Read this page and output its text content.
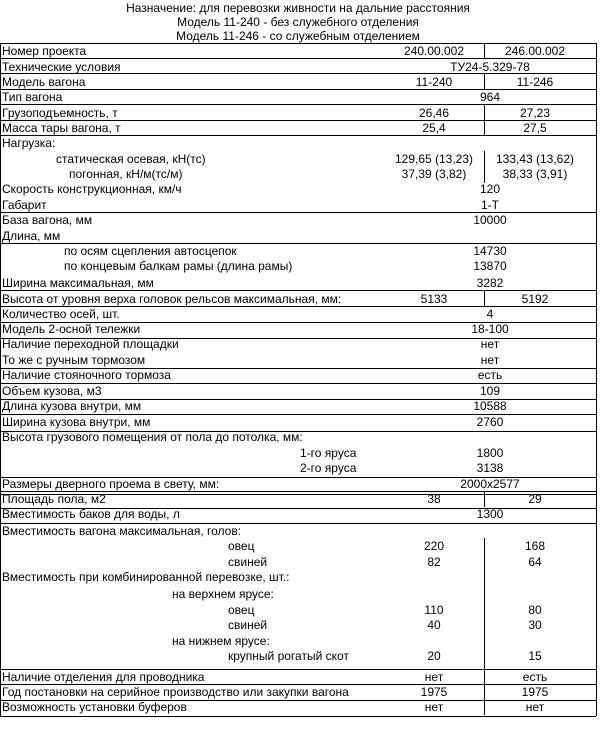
Назначение: для перевозки живности на дальние расстояния
Модель 11-240 - без служебного отделения
Модель 11-246 - со служебным отделением
Номер проекта	240.00.002	246.00.002
Технические условия	ТУ24-5.329-78
Модель вагона	11-240	11-246
Тип вагона	964
Грузоподъемность, т	26,46	27,23
Масса тары вагона, т	25,4	27,5
Нагрузка:
статическая осевая, кН(тс)	129,65 (13,23)	133,43 (13,62)
погонная, кН/м(тс/м)	37,39 (3,82)	38,33 (3,91)
Скорость конструкционная, км/ч	120
Габарит	1-Т
База вагона, мм	10000
Длина, мм
по осям сцепления автосцепок	14730
по концевым балкам рамы (длина рамы)	13870
Ширина максимальная, мм	3282
Высота от уровня верха головок рельсов максимальная, мм:	5133	5192
Количество осей, шт.	4
Модель 2-осной тележки	18-100
Наличие переходной площадки	нет
То же с ручным тормозом	нет
Наличие стояночного тормоза	есть
Объем кузова, м3	109
Длина кузова внутри, мм	10588
Ширина кузова внутри, мм	2760
Высота грузового помещения от пола до потолка, мм:
1-го яруса	1800
2-го яруса	3138
Размеры дверного проема в свету, мм:	2000х2577
Площадь пола, м2	38	29
Вместимость баков для воды, л	1300
Вместимость вагона максимальная, голов:
овец	220	168
свиней	82	64
Вместимость при комбинированной перевозке, шт.:
на верхнем ярусе:
овец	110	80
свиней	40	30
на нижнем ярусе:
крупный рогатый скот	20	15
Наличие отделения для проводника	нет	есть
Год постановки на серийное производство или закупки вагона	1975	1975
Возможность установки буферов	нет	нет
